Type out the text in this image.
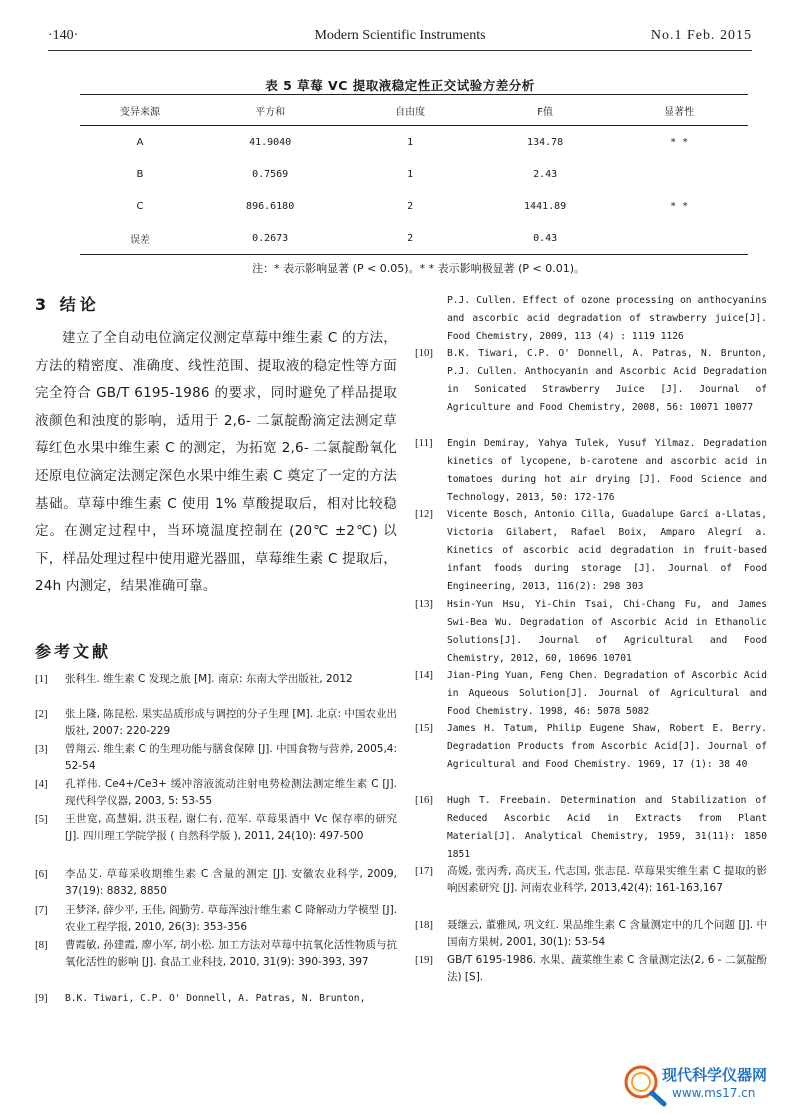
·140·	Modern Scientific Instruments	No.1 Feb. 2015
表 5 草莓 VC 提取液稳定性正交试验方差分析
变异来源	平方和	自由度	F值	显著性
A	41.9040	1	134.78	* *
B	0.7569	1	2.43	
C	896.6180	2	1441.89	* *
误差	0.2673	2	0.43	
注：* 表示影响显著 (P < 0.05)。* * 表示影响极显著 (P < 0.01)。
3 结论

建立了全自动电位滴定仪测定草莓中维生素 C 的方法，方法的精密度、准确度、线性范围、提取液的稳定性等方面完全符合 GB/T 6195-1986 的要求，同时避免了样品提取液颜色和浊度的影响，适用于 2,6- 二氯靛酚滴定法测定草莓红色水果中维生素 C 的测定，为拓宽 2,6- 二氯靛酚氧化还原电位滴定法测定深色水果中维生素 C 奠定了一定的方法基础。草莓中维生素 C 使用 1% 草酸提取后，相对比较稳定。在测定过程中，当环境温度控制在 (20℃ ±2℃) 以下，样品处理过程中使用避光器皿，草莓维生素 C 提取后，24h 内测定，结果准确可靠。

参考文献
[1] 张科生. 维生素 C 发现之旅 [M]. 南京: 东南大学出版社, 2012
[2] 张上隆, 陈昆松. 果实品质形成与调控的分子生理 [M]. 北京: 中国农业出版社, 2007: 220-229
[3] 曾翔云. 维生素 C 的生理功能与膳食保障 [J]. 中国食物与营养, 2005,4: 52-54
[4] 孔祥伟. Ce4+/Ce3+ 缓冲溶液流动注射电势检测法测定维生素 C [J]. 现代科学仪器, 2003, 5: 53-55
[5] 王世宽, 高慧娟, 洪玉程, 谢仁有, 范军. 草莓果酒中 Vc 保存率的研究 [J]. 四川理工学院学报 ( 自然科学版 ), 2011, 24(10): 497-500
[6] 李品艾. 草莓采收期维生素 C 含量的测定 [J]. 安徽农业科学, 2009, 37(19): 8832, 8850
[7] 王梦泽, 薛少平, 王佳, 阎勤劳. 草莓浑浊汁维生素 C 降解动力学模型 [J]. 农业工程学报, 2010, 26(3): 353-356
[8] 曹霞敏, 孙建霞, 廖小军, 胡小松. 加工方法对草莓中抗氧化活性物质与抗氧化活性的影响 [J]. 食品工业科技, 2010, 31(9): 390-393, 397
[9] B.K. Tiwari, C.P. O' Donnell, A. Patras, N. Brunton,
P.J. Cullen. Effect of ozone processing on anthocyanins and ascorbic acid degradation of strawberry juice[J]. Food Chemistry, 2009, 113 (4) : 1119 1126
[10] B.K. Tiwari, C.P. O' Donnell, A. Patras, N. Brunton, P.J. Cullen. Anthocyanin and Ascorbic Acid Degradation in Sonicated Strawberry Juice [J]. Journal of Agriculture and Food Chemistry, 2008, 56: 10071 10077
[11] Engin Demiray, Yahya Tulek, Yusuf Yilmaz. Degradation kinetics of lycopene, b-carotene and ascorbic acid in tomatoes during hot air drying [J]. Food Science and Technology, 2013, 50: 172-176
[12] Vicente Bosch, Antonio Cilla, Guadalupe Garcí a-Llatas, Victoria Gilabert, Rafael Boix, Amparo Alegrí a. Kinetics of ascorbic acid degradation in fruit-based infant foods during storage [J]. Journal of Food Engineering, 2013, 116(2): 298 303
[13] Hsin-Yun Hsu, Yi-Chin Tsai, Chi-Chang Fu, and James Swi-Bea Wu. Degradation of Ascorbic Acid in Ethanolic Solutions[J]. Journal of Agricultural and Food Chemistry, 2012, 60, 10696 10701
[14] Jian-Ping Yuan, Feng Chen. Degradation of Ascorbic Acid in Aqueous Solution[J]. Journal of Agricultural and Food Chemistry. 1998, 46: 5078 5082
[15] James H. Tatum, Philip Eugene Shaw, Robert E. Berry. Degradation Products from Ascorbic Acid[J]. Journal of Agricultural and Food Chemistry. 1969, 17 (1): 38 40
[16] Hugh T. Freebain. Determination and Stabilization of Reduced Ascorbic Acid in Extracts from Plant Material[J]. Analytical Chemistry, 1959, 31(11): 1850 1851
[17] 高媛, 张丙秀, 高庆玉, 代志国, 张志昆. 草莓果实维生素 C 提取的影响因素研究 [J]. 河南农业科学, 2013,42(4): 161-163,167
[18] 聂继云, 董雅凤, 巩文红. 果品维生素 C 含量测定中的几个问题 [J]. 中国南方果树, 2001, 30(1): 53-54
[19] GB/T 6195-1986. 水果、蔬菜维生素 C 含量测定法(2, 6 - 二氯靛酚法) [S].
现代科学仪器网
www.ms17.cn
